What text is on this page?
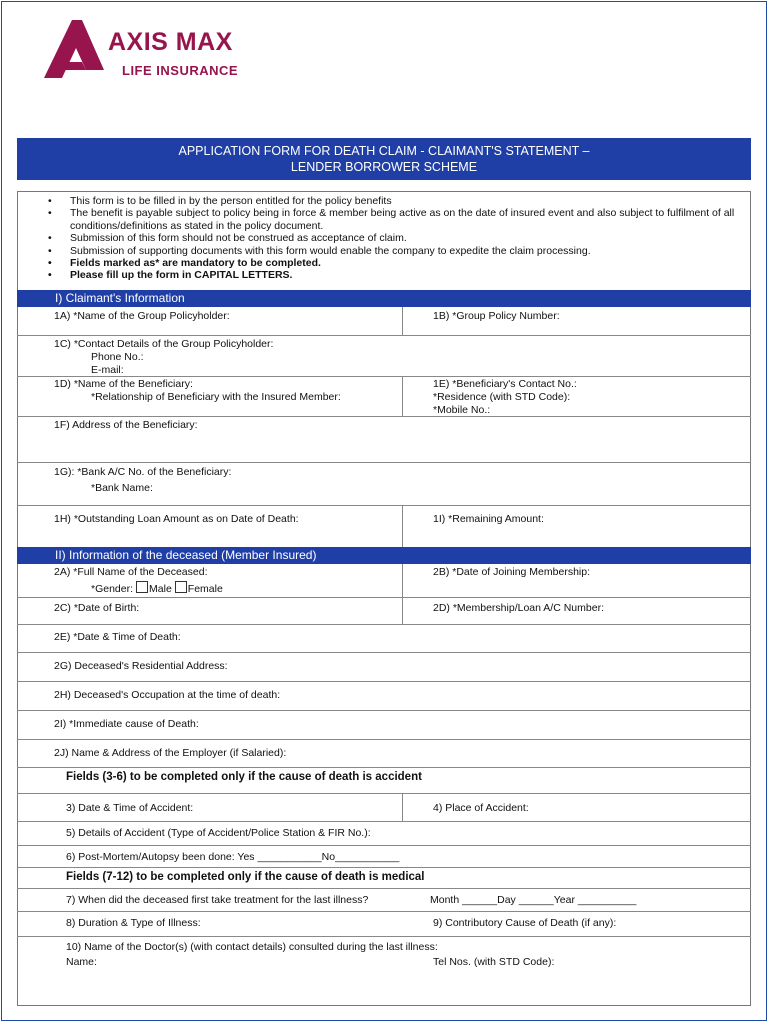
AXIS MAX
LIFE INSURANCE
APPLICATION FORM FOR DEATH CLAIM - CLAIMANT'S STATEMENT –
LENDER BORROWER SCHEME
• This form is to be filled in by the person entitled for the policy benefits
• The benefit is payable subject to policy being in force & member being active as on the date of insured event and also subject to fulfilment of all conditions/definitions as stated in the policy document.
• Submission of this form should not be construed as acceptance of claim.
• Submission of supporting documents with this form would enable the company to expedite the claim processing.
• Fields marked as* are mandatory to be completed.
• Please fill up the form in CAPITAL LETTERS.
I) Claimant's Information
1A) *Name of the Group Policyholder:	1B) *Group Policy Number:
1C) *Contact Details of the Group Policyholder:
Phone No.:
E-mail:
1D) *Name of the Beneficiary:
*Relationship of Beneficiary with the Insured Member:
1E) *Beneficiary's Contact No.:
*Residence (with STD Code):
*Mobile No.:
1F) Address of the Beneficiary:
1G): *Bank A/C No. of the Beneficiary:
*Bank Name:
1H) *Outstanding Loan Amount as on Date of Death:	1I) *Remaining Amount:
II) Information of the deceased (Member Insured)
2A) *Full Name of the Deceased:
*Gender: Male Female
2B) *Date of Joining Membership:
2C) *Date of Birth:	2D) *Membership/Loan A/C Number:
2E) *Date & Time of Death:
2G) Deceased's Residential Address:
2H) Deceased's Occupation at the time of death:
2I) *Immediate cause of Death:
2J) Name & Address of the Employer (if Salaried):
Fields (3-6) to be completed only if the cause of death is accident
3) Date & Time of Accident:	4) Place of Accident:
5) Details of Accident (Type of Accident/Police Station & FIR No.):
6) Post-Mortem/Autopsy been done: Yes ___________No___________
Fields (7-12) to be completed only if the cause of death is medical
7) When did the deceased first take treatment for the last illness?	Month ______Day ______Year __________
8) Duration & Type of Illness:	9) Contributory Cause of Death (if any):
10) Name of the Doctor(s) (with contact details) consulted during the last illness:
Name:	Tel Nos. (with STD Code):
